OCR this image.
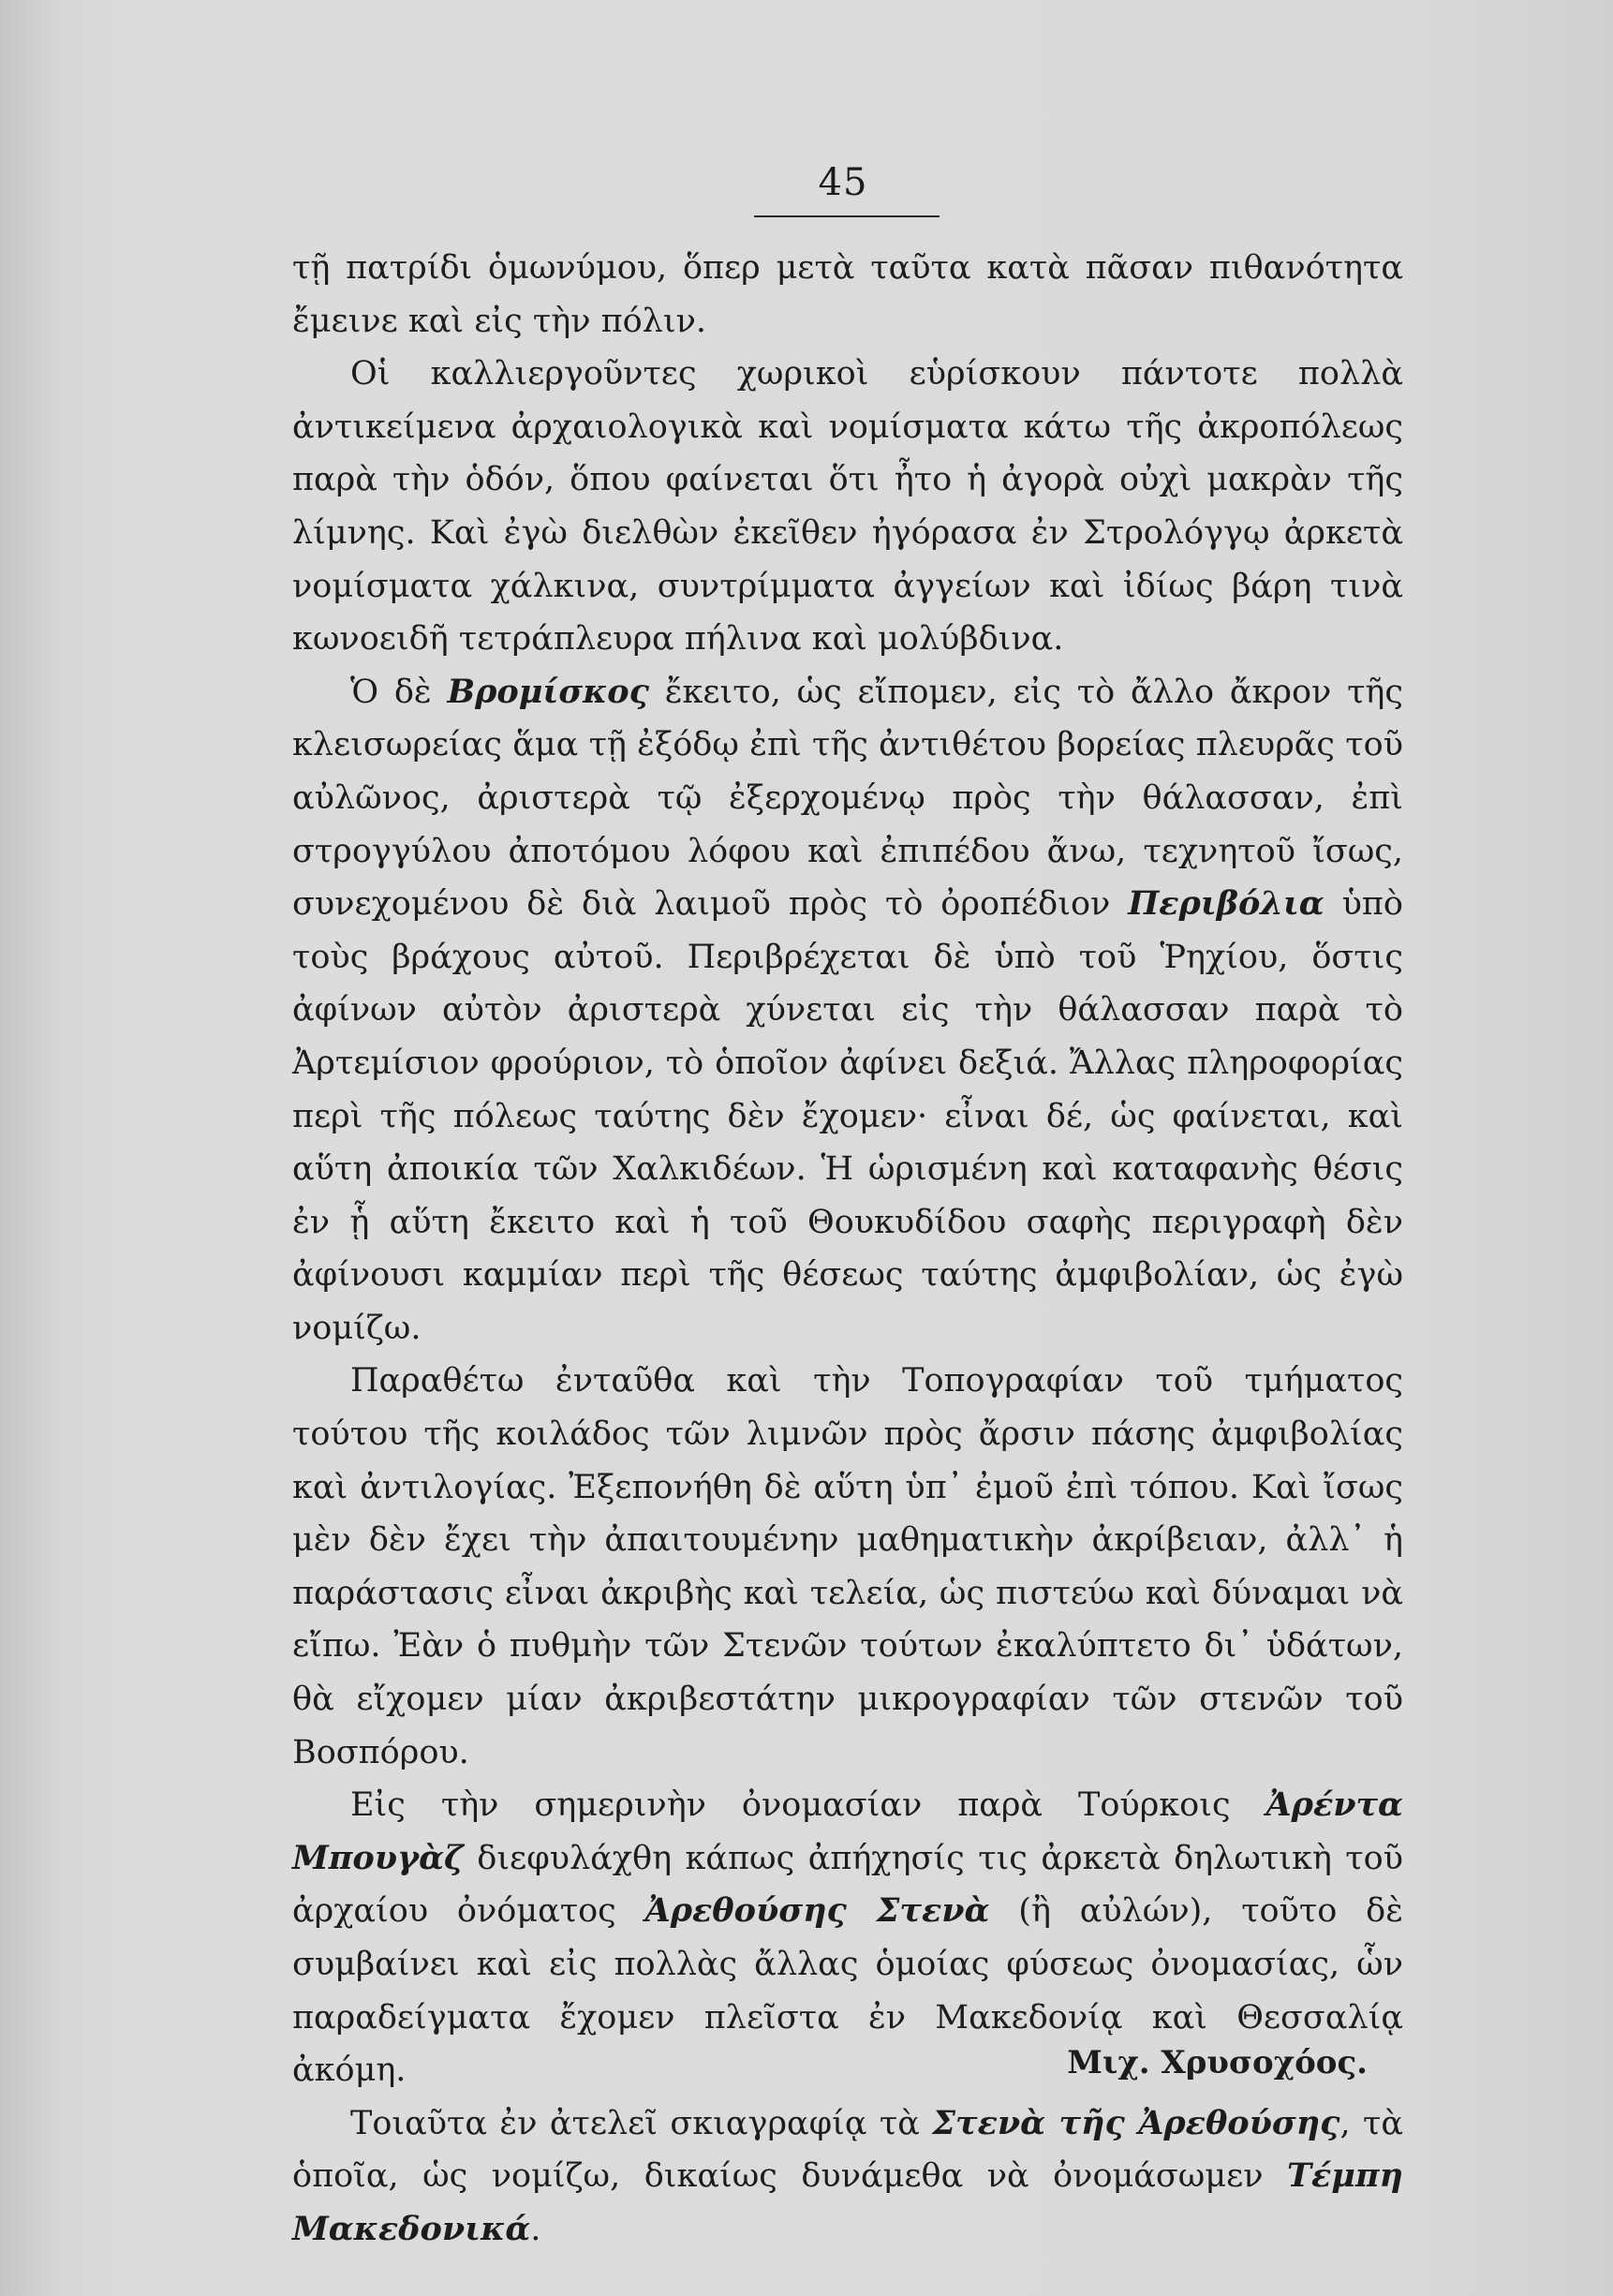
45

τῇ πατρίδι ὁμωνύμου, ὅπερ μετὰ ταῦτα κατὰ πᾶσαν πιθανότητα ἔμεινε καὶ εἰς τὴν πόλιν.

Οἱ καλλιεργοῦντες χωρικοὶ εὑρίσκουν πάντοτε πολλὰ ἀντικείμενα ἀρχαιολογικὰ καὶ νομίσματα κάτω τῆς ἀκροπόλεως παρὰ τὴν ὁδόν, ὅπου φαίνεται ὅτι ἦτο ἡ ἀγορὰ οὐχὶ μακρὰν τῆς λίμνης. Καὶ ἐγὼ διελθὼν ἐκεῖθεν ἠγόρασα ἐν Στρολόγγῳ ἀρκετὰ νομίσματα χάλκινα, συντρίμματα ἀγγείων καὶ ἰδίως βάρη τινὰ κωνοειδῆ τετράπλευρα πήλινα καὶ μολύβδινα.

Ὁ δὲ Βρομίσκος ἔκειτο, ὡς εἴπομεν, εἰς τὸ ἄλλο ἄκρον τῆς κλεισωρείας ἅμα τῇ ἐξόδῳ ἐπὶ τῆς ἀντιθέτου βορείας πλευρᾶς τοῦ αὐλῶνος, ἀριστερὰ τῷ ἐξερχομένῳ πρὸς τὴν θάλασσαν, ἐπὶ στρογγύλου ἀποτόμου λόφου καὶ ἐπιπέδου ἄνω, τεχνητοῦ ἴσως, συνεχομένου δὲ διὰ λαιμοῦ πρὸς τὸ ὀροπέδιον Περιβόλια ὑπὸ τοὺς βράχους αὐτοῦ. Περιβρέχεται δὲ ὑπὸ τοῦ Ῥηχίου, ὅστις ἀφίνων αὐτὸν ἀριστερὰ χύνεται εἰς τὴν θάλασσαν παρὰ τὸ Ἀρτεμίσιον φρούριον, τὸ ὁποῖον ἀφίνει δεξιά. Ἄλλας πληροφορίας περὶ τῆς πόλεως ταύτης δὲν ἔχομεν· εἶναι δέ, ὡς φαίνεται, καὶ αὕτη ἀποικία τῶν Χαλκιδέων. Ἡ ὡρισμένη καὶ καταφανὴς θέσις ἐν ᾗ αὕτη ἔκειτο καὶ ἡ τοῦ Θουκυδίδου σαφὴς περιγραφὴ δὲν ἀφίνουσι καμμίαν περὶ τῆς θέσεως ταύτης ἀμφιβολίαν, ὡς ἐγὼ νομίζω.

Παραθέτω ἐνταῦθα καὶ τὴν Τοπογραφίαν τοῦ τμήματος τούτου τῆς κοιλάδος τῶν λιμνῶν πρὸς ἄρσιν πάσης ἀμφιβολίας καὶ ἀντιλογίας. Ἐξεπονήθη δὲ αὕτη ὑπ᾽ ἐμοῦ ἐπὶ τόπου. Καὶ ἴσως μὲν δὲν ἔχει τὴν ἀπαιτουμένην μαθηματικὴν ἀκρίβειαν, ἀλλ᾽ ἡ παράστασις εἶναι ἀκριβὴς καὶ τελεία, ὡς πιστεύω καὶ δύναμαι νὰ εἴπω. Ἐὰν ὁ πυθμὴν τῶν Στενῶν τούτων ἐκαλύπτετο δι᾽ ὑδάτων, θὰ εἴχομεν μίαν ἀκριβεστάτην μικρογραφίαν τῶν στενῶν τοῦ Βοσπόρου.

Εἰς τὴν σημερινὴν ὀνομασίαν παρὰ Τούρκοις Ἀρέντα Μπουγὰζ διεφυλάχθη κάπως ἀπήχησίς τις ἀρκετὰ δηλωτικὴ τοῦ ἀρχαίου ὀνόματος Ἀρεθούσης Στενὰ (ἢ αὐλών), τοῦτο δὲ συμβαίνει καὶ εἰς πολλὰς ἄλλας ὁμοίας φύσεως ὀνομασίας, ὧν παραδείγματα ἔχομεν πλεῖστα ἐν Μακεδονίᾳ καὶ Θεσσαλίᾳ ἀκόμη.

Τοιαῦτα ἐν ἀτελεῖ σκιαγραφίᾳ τὰ Στενὰ τῆς Ἀρεθούσης, τὰ ὁποῖα, ὡς νομίζω, δικαίως δυνάμεθα νὰ ὀνομάσωμεν Τέμπη Μακεδονικά.

Μιχ. Χρυσοχόος.
